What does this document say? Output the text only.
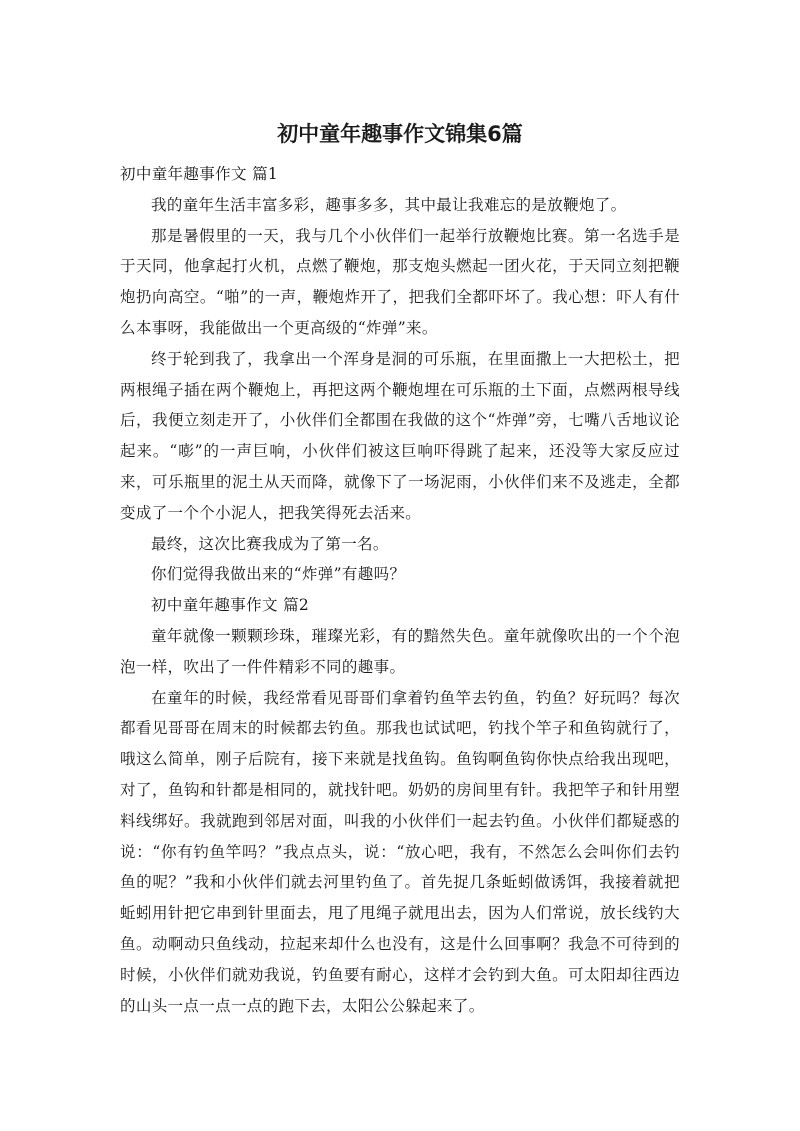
初中童年趣事作文锦集6篇

初中童年趣事作文 篇1

我的童年生活丰富多彩，趣事多多，其中最让我难忘的是放鞭炮了。

那是暑假里的一天，我与几个小伙伴们一起举行放鞭炮比赛。第一名选手是于天同，他拿起打火机，点燃了鞭炮，那支炮头燃起一团火花，于天同立刻把鞭炮扔向高空。“啪”的一声，鞭炮炸开了，把我们全都吓坏了。我心想：吓人有什么本事呀，我能做出一个更高级的“炸弹”来。

终于轮到我了，我拿出一个浑身是洞的可乐瓶，在里面撒上一大把松土，把两根绳子插在两个鞭炮上，再把这两个鞭炮埋在可乐瓶的土下面，点燃两根导线后，我便立刻走开了，小伙伴们全都围在我做的这个“炸弹”旁，七嘴八舌地议论起来。“嘭”的一声巨响，小伙伴们被这巨响吓得跳了起来，还没等大家反应过来，可乐瓶里的泥土从天而降，就像下了一场泥雨，小伙伴们来不及逃走，全都变成了一个个小泥人，把我笑得死去活来。

最终，这次比赛我成为了第一名。

你们觉得我做出来的“炸弹”有趣吗？

初中童年趣事作文 篇2

童年就像一颗颗珍珠，璀璨光彩，有的黯然失色。童年就像吹出的一个个泡泡一样，吹出了一件件精彩不同的趣事。

在童年的时候，我经常看见哥哥们拿着钓鱼竿去钓鱼，钓鱼？好玩吗？每次都看见哥哥在周末的时候都去钓鱼。那我也试试吧，钓找个竿子和鱼钩就行了，哦这么简单，刚子后院有，接下来就是找鱼钩。鱼钩啊鱼钩你快点给我出现吧，对了，鱼钩和针都是相同的，就找针吧。奶奶的房间里有针。我把竿子和针用塑料线绑好。我就跑到邻居对面，叫我的小伙伴们一起去钓鱼。小伙伴们都疑惑的说：“你有钓鱼竿吗？”我点点头，说：“放心吧，我有，不然怎么会叫你们去钓鱼的呢？”我和小伙伴们就去河里钓鱼了。首先捉几条蚯蚓做诱饵，我接着就把蚯蚓用针把它串到针里面去，甩了甩绳子就甩出去，因为人们常说，放长线钓大鱼。动啊动只鱼线动，拉起来却什么也没有，这是什么回事啊？我急不可待到的时候，小伙伴们就劝我说，钓鱼要有耐心，这样才会钓到大鱼。可太阳却往西边的山头一点一点一点的跑下去，太阳公公躲起来了。
